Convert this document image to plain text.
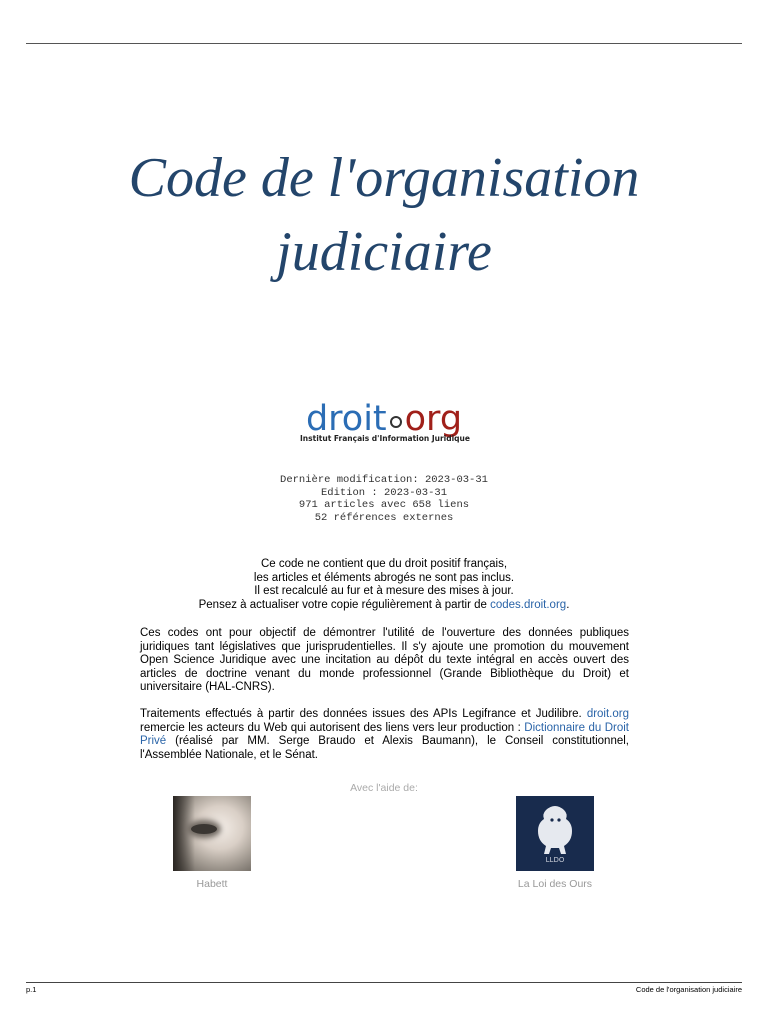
Code de l'organisation
judiciaire
droit org
Institut Français d'Information Juridique
Dernière modification: 2023-03-31
Edition : 2023-03-31
971 articles avec 658 liens
52 références externes
Ce code ne contient que du droit positif français,
les articles et éléments abrogés ne sont pas inclus.
Il est recalculé au fur et à mesure des mises à jour.
Pensez à actualiser votre copie régulièrement à partir de codes.droit.org.

Ces codes ont pour objectif de démontrer l'utilité de l'ouverture des données publiques juridiques tant législatives que jurisprudentielles. Il s'y ajoute une promotion du mouvement Open Science Juridique avec une incitation au dépôt du texte intégral en accès ouvert des articles de doctrine venant du monde professionnel (Grande Bibliothèque du Droit) et universitaire (HAL-CNRS).

Traitements effectués à partir des données issues des APIs Legifrance et Judilibre. droit.org remercie les acteurs du Web qui autorisent des liens vers leur production : Dictionnaire du Droit Privé (réalisé par MM. Serge Braudo et Alexis Baumann), le Conseil constitutionnel, l'Assemblée Nationale, et le Sénat.

Avec l'aide de:
Habett
LLDO
La Loi des Ours
p.1	Code de l'organisation judiciaire
